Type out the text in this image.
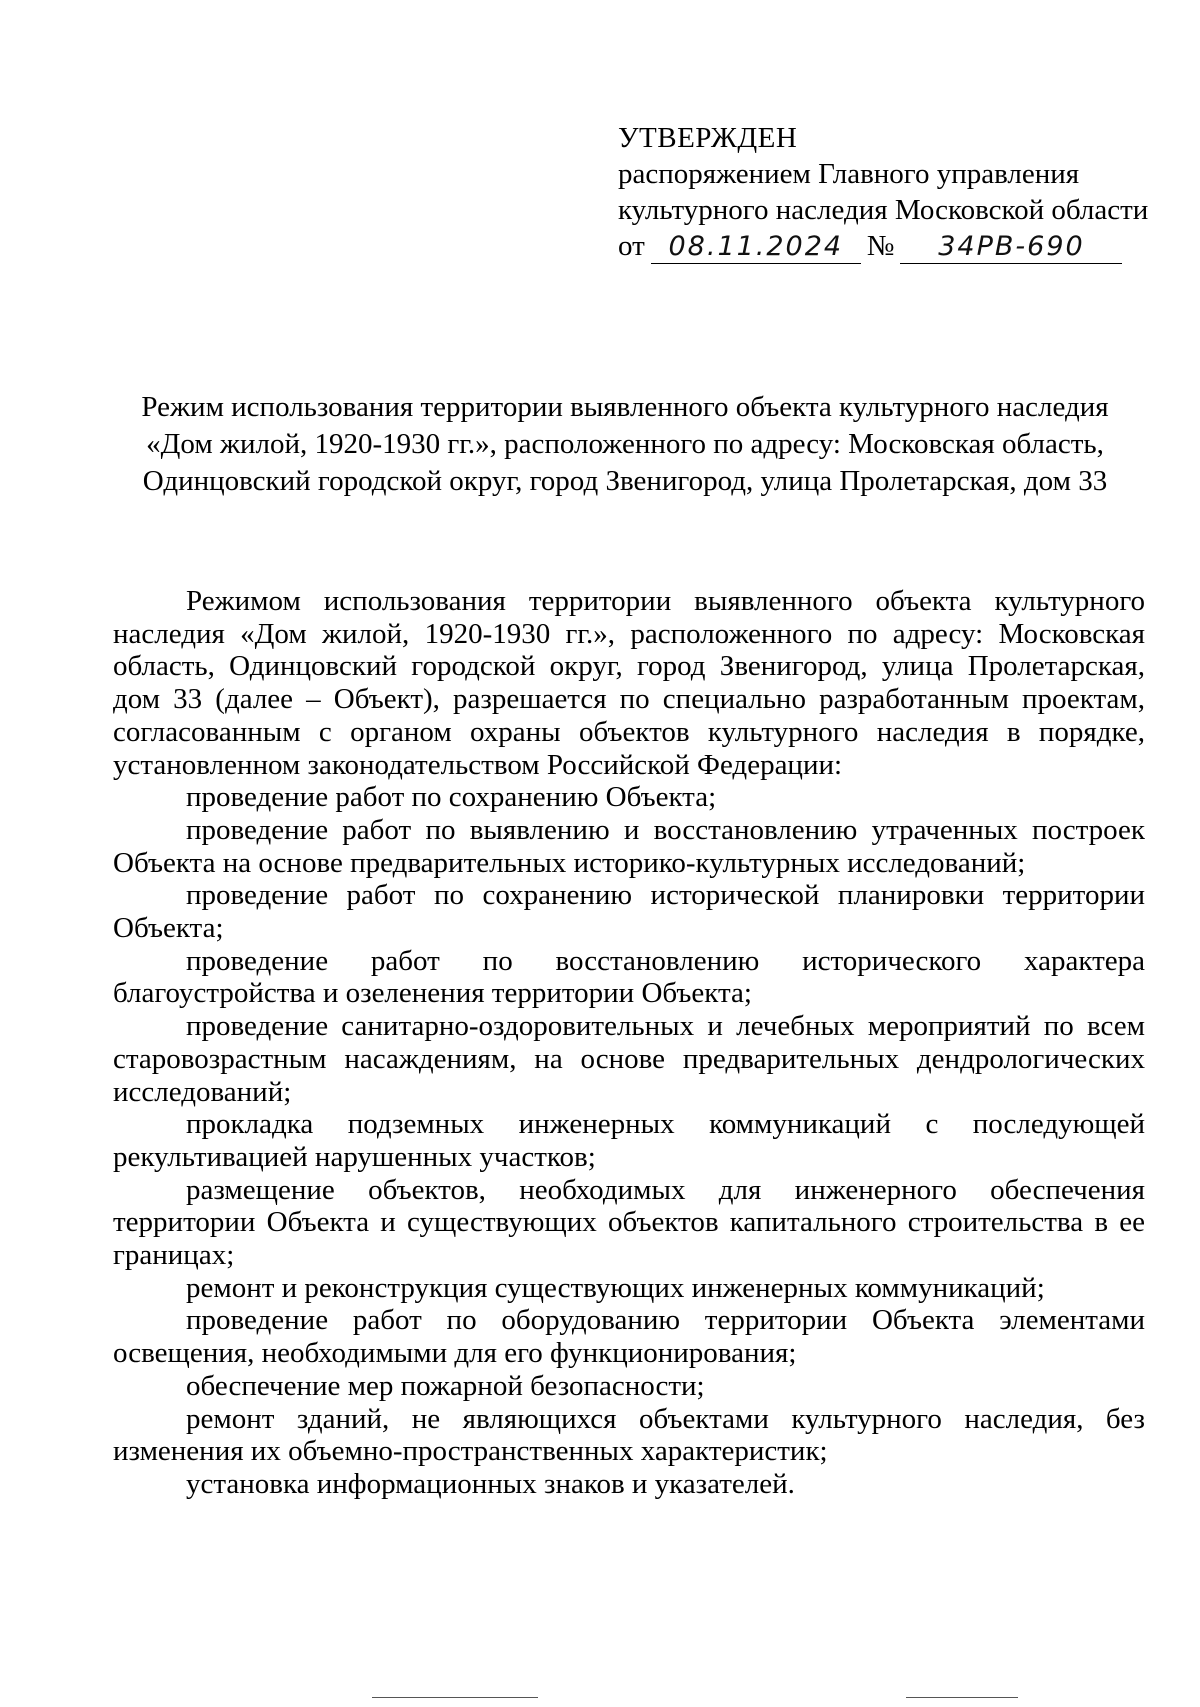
УТВЕРЖДЕН
распоряжением Главного управления
культурного наследия Московской области
от 08.11.2024 №	34РВ-690
Режим использования территории выявленного объекта культурного наследия
«Дом жилой, 1920-1930 гг.», расположенного по адресу: Московская область,
Одинцовский городской округ, город Звенигород, улица Пролетарская, дом 33

Режимом использования территории выявленного объекта культурного наследия «Дом жилой, 1920-1930 гг.», расположенного по адресу: Московская область, Одинцовский городской округ, город Звенигород, улица Пролетарская, дом 33 (далее – Объект), разрешается по специально разработанным проектам, согласованным с органом охраны объектов культурного наследия в порядке, установленном законодательством Российской Федерации:

проведение работ по сохранению Объекта;

проведение работ по выявлению и восстановлению утраченных построек Объекта на основе предварительных историко-культурных исследований;

проведение работ по сохранению исторической планировки территории Объекта;

проведение работ по восстановлению исторического характера благоустройства и озеленения территории Объекта;

проведение санитарно-оздоровительных и лечебных мероприятий по всем старовозрастным насаждениям, на основе предварительных дендрологических исследований;

прокладка подземных инженерных коммуникаций с последующей рекультивацией нарушенных участков;

размещение объектов, необходимых для инженерного обеспечения территории Объекта и существующих объектов капитального строительства в ее границах;

ремонт и реконструкция существующих инженерных коммуникаций;

проведение работ по оборудованию территории Объекта элементами освещения, необходимыми для его функционирования;

обеспечение мер пожарной безопасности;

ремонт зданий, не являющихся объектами культурного наследия, без изменения их объемно-пространственных характеристик;

установка информационных знаков и указателей.
